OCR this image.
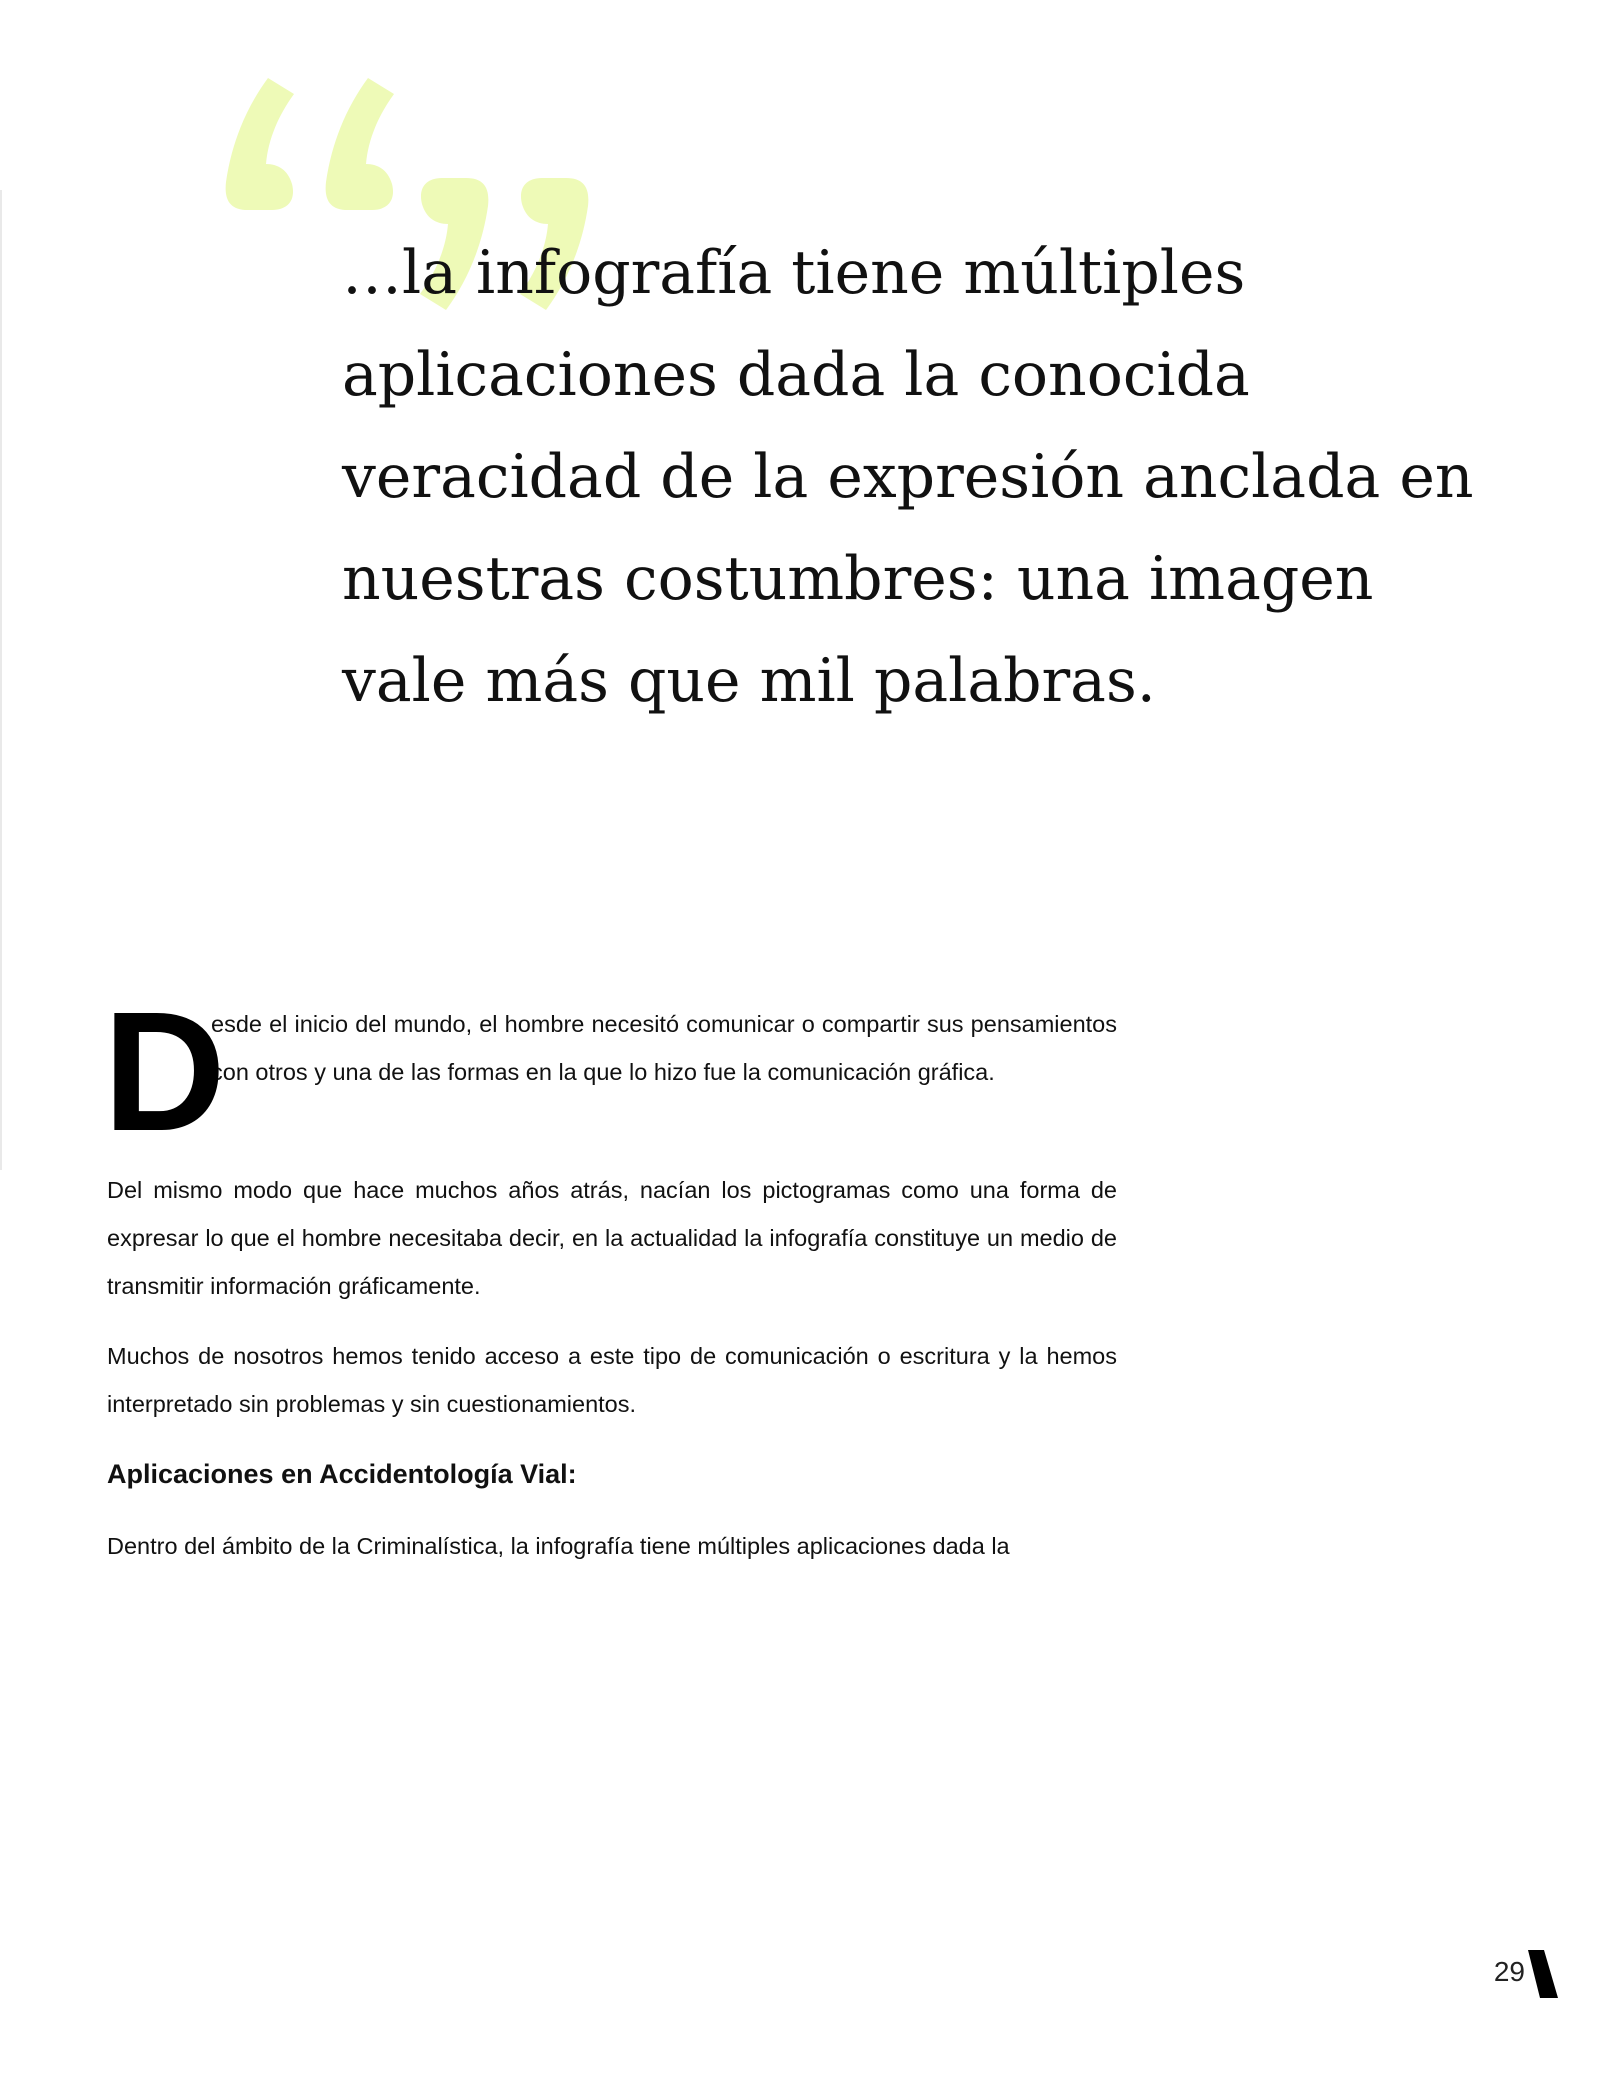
…la infografía tiene múltiples
aplicaciones dada la conocida
veracidad de la expresión anclada en
nuestras costumbres: una imagen
vale más que mil palabras.

D
esde el inicio del mundo, el hombre necesitó comunicar o compartir sus pensamientos con otros y una de las formas en la que lo hizo fue la comunicación gráfica.

Del mismo modo que hace muchos años atrás, nacían los pictogramas como una forma de expresar lo que el hombre necesitaba decir, en la actualidad la infografía constituye un medio de transmitir información gráficamente.

Muchos de nosotros hemos tenido acceso a este tipo de comunicación o escritura y la hemos interpretado sin problemas y sin cuestionamientos.

Aplicaciones en Accidentología Vial:

Dentro del ámbito de la Criminalística, la infografía tiene múltiples aplicaciones dada la

29
